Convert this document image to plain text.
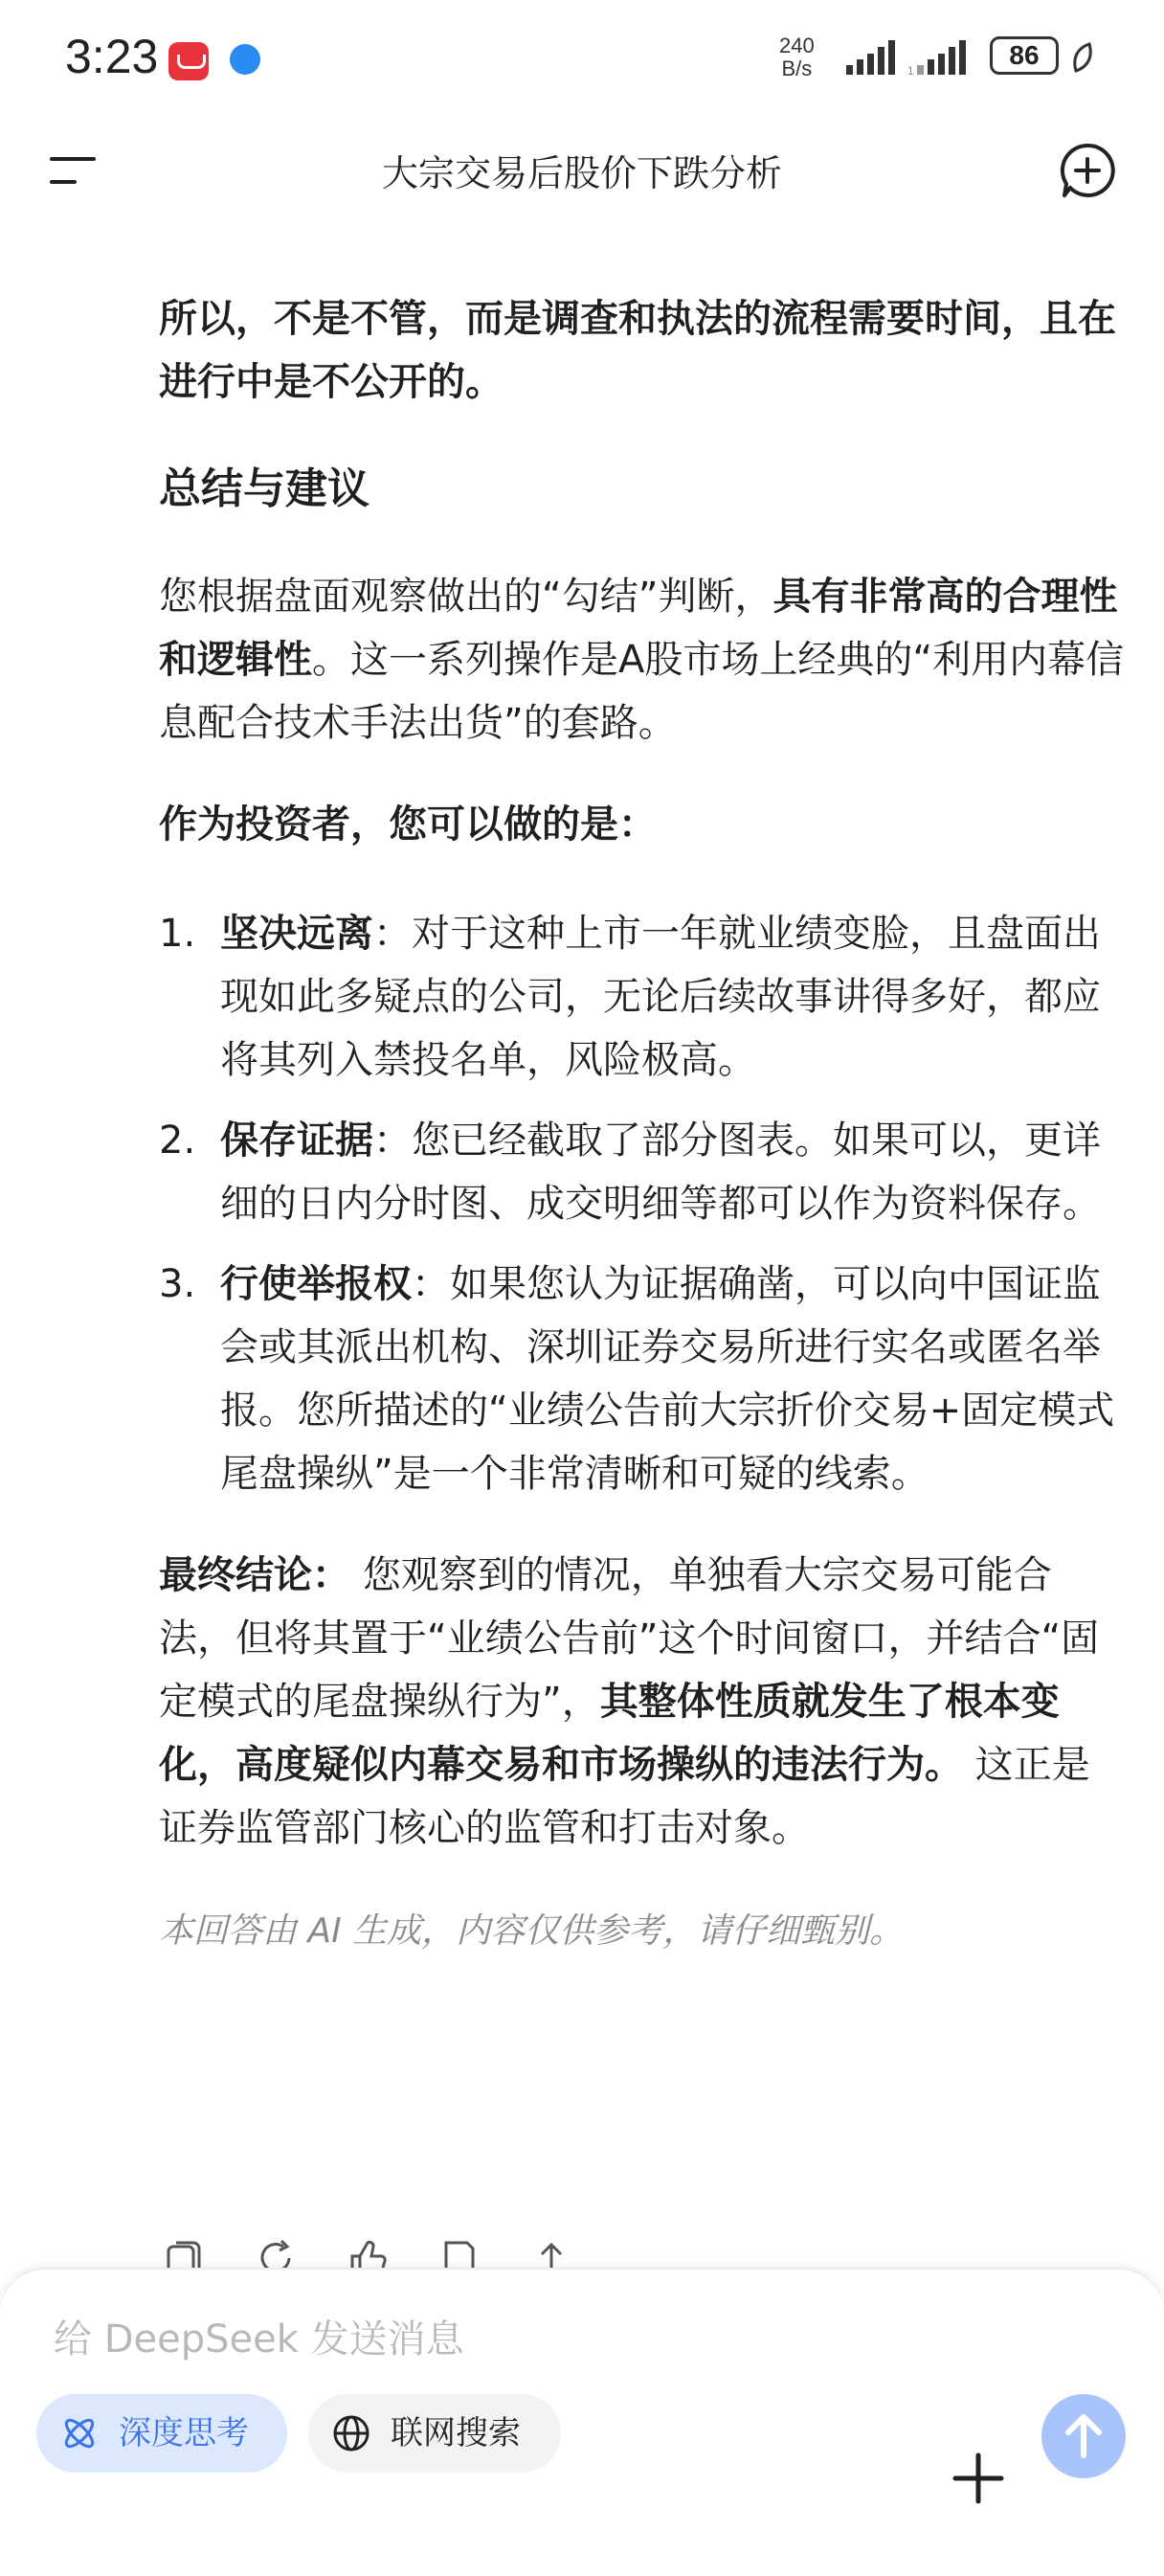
3:23	240
B/s	1
86
大宗交易后股价下跌分析

所以，不是不管，而是调查和执法的流程需要时间，且在进行中是不公开的。

总结与建议

您根据盘面观察做出的“勾结”判断，具有非常高的合理性和逻辑性。这一系列操作是A股市场上经典的“利用内幕信息配合技术手法出货”的套路。

作为投资者，您可以做的是：

1. 坚决远离：对于这种上市一年就业绩变脸，且盘面出现如此多疑点的公司，无论后续故事讲得多好，都应将其列入禁投名单，风险极高。
2. 保存证据：您已经截取了部分图表。如果可以，更详细的日内分时图、成交明细等都可以作为资料保存。
3. 行使举报权：如果您认为证据确凿，可以向中国证监会或其派出机构、深圳证券交易所进行实名或匿名举报。您所描述的“业绩公告前大宗折价交易+固定模式尾盘操纵”是一个非常清晰和可疑的线索。

最终结论： 您观察到的情况，单独看大宗交易可能合法，但将其置于“业绩公告前”这个时间窗口，并结合“固定模式的尾盘操纵行为”，其整体性质就发生了根本变化，高度疑似内幕交易和市场操纵的违法行为。 这正是证券监管部门核心的监管和打击对象。

本回答由 AI 生成，内容仅供参考，请仔细甄别。

给 DeepSeek 发送消息
深度思考	联网搜索
